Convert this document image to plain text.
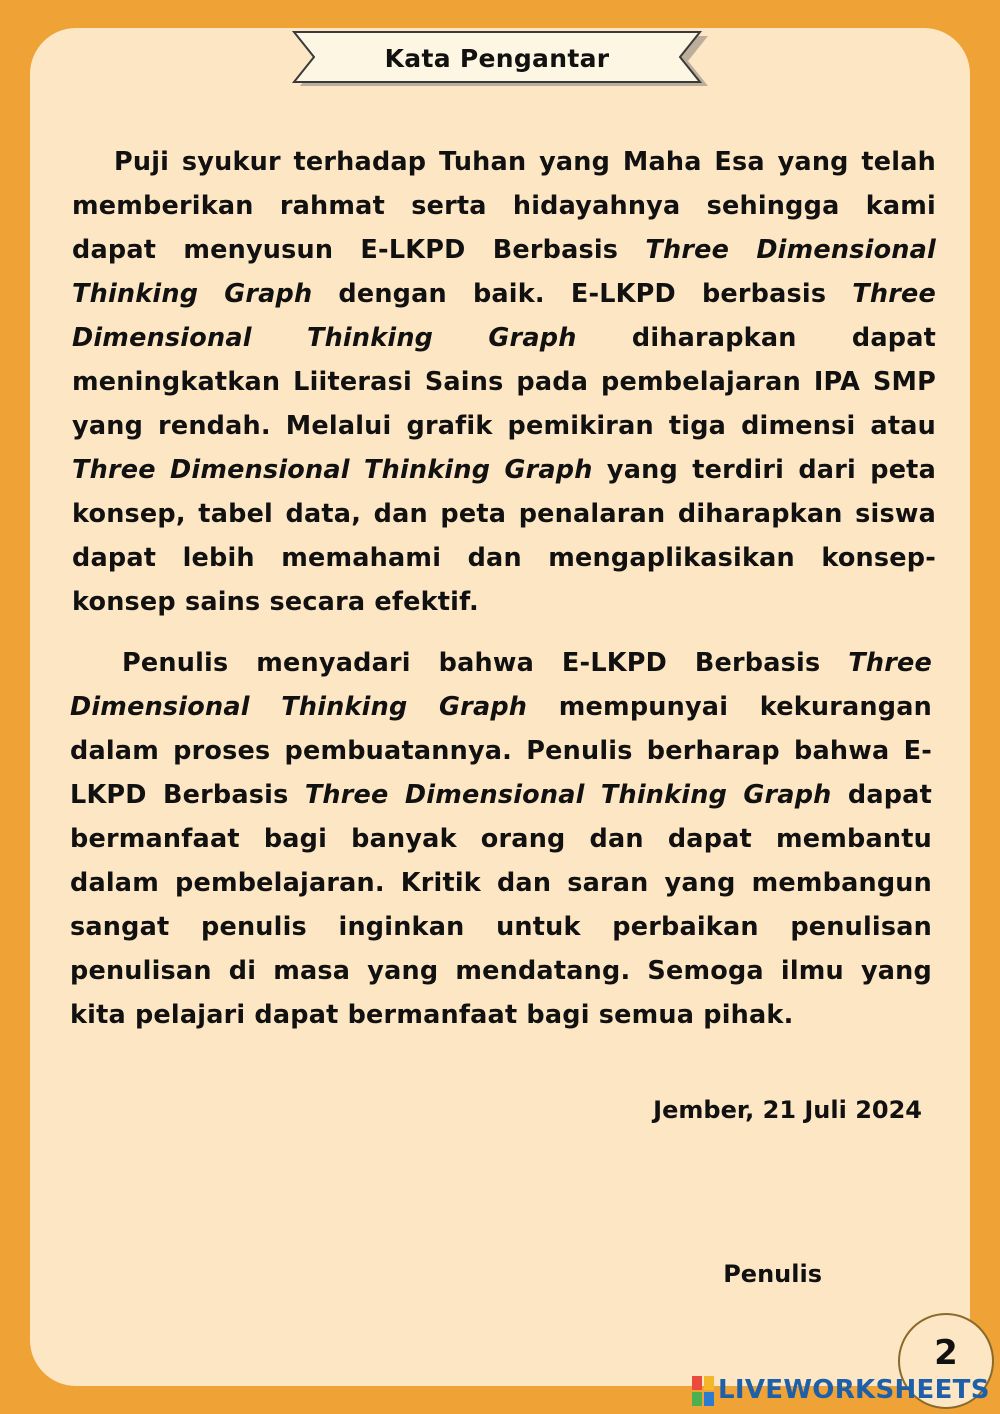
Kata Pengantar

Puji syukur terhadap Tuhan yang Maha Esa yang telah memberikan rahmat serta hidayahnya sehingga kami dapat menyusun E-LKPD Berbasis Three Dimensional Thinking Graph dengan baik. E-LKPD berbasis Three Dimensional Thinking Graph diharapkan dapat meningkatkan Liiterasi Sains pada pembelajaran IPA SMP yang rendah. Melalui grafik pemikiran tiga dimensi atau Three Dimensional Thinking Graph yang terdiri dari peta konsep, tabel data, dan peta penalaran diharapkan siswa dapat lebih memahami dan mengaplikasikan konsep-konsep sains secara efektif.

Penulis menyadari bahwa E-LKPD Berbasis Three Dimensional Thinking Graph mempunyai kekurangan dalam proses pembuatannya. Penulis berharap bahwa E-LKPD Berbasis Three Dimensional Thinking Graph dapat bermanfaat bagi banyak orang dan dapat membantu dalam pembelajaran. Kritik dan saran yang membangun sangat penulis inginkan untuk perbaikan penulisan penulisan di masa yang mendatang. Semoga ilmu yang kita pelajari dapat bermanfaat bagi semua pihak.

Jember, 21 Juli 2024
Penulis
2
LIVEWORKSHEETS
